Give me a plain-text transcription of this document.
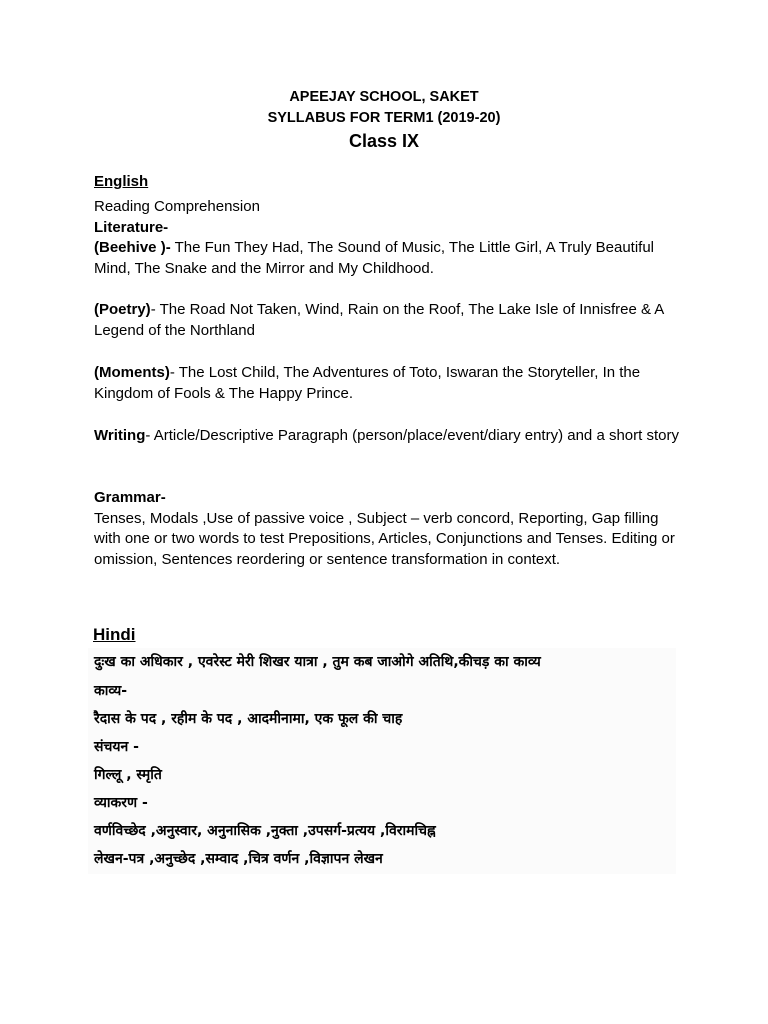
APEEJAY SCHOOL, SAKET
SYLLABUS FOR TERM1 (2019-20)
Class IX
English
Reading Comprehension
Literature-
(Beehive )- The Fun They Had, The Sound of Music, The Little Girl, A Truly Beautiful Mind, The Snake and the Mirror and My Childhood.
(Poetry)- The Road Not Taken, Wind, Rain on the Roof, The Lake Isle of Innisfree & A Legend of the Northland
(Moments)- The Lost Child, The Adventures of Toto, Iswaran the Storyteller, In the Kingdom of Fools & The Happy Prince.
Writing- Article/Descriptive Paragraph (person/place/event/diary entry) and a short story
Grammar-
Tenses, Modals ,Use of passive voice , Subject – verb concord, Reporting, Gap filling with one or two words to test Prepositions, Articles, Conjunctions and Tenses. Editing or omission, Sentences reordering or sentence transformation in context.
Hindi
दुःख का अधिकार , एवरेस्ट मेरी शिखर यात्रा , तुम कब जाओगे अतिथि,कीचड़ का काव्य
काव्य-
रैदास के पद , रहीम के पद , आदमीनामा, एक फूल की चाह
संचयन -
गिल्लू , स्मृति
व्याकरण -
वर्णविच्छेद ,अनुस्वार, अनुनासिक ,नुक्ता ,उपसर्ग-प्रत्यय ,विरामचिह्न
लेखन-पत्र ,अनुच्छेद ,सम्वाद ,चित्र वर्णन ,विज्ञापन लेखन
